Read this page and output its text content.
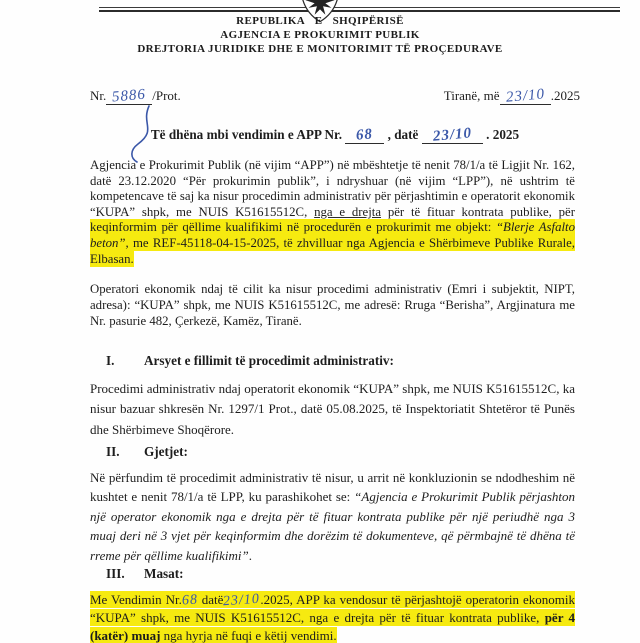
REPUBLIKA E SHQIPËRISË
AGJENCIA E PROKURIMIT PUBLIK
DREJTORIA JURIDIKE DHE E MONITORIMIT TË PROÇEDURAVE
Nr. 5886 /Prot.	Tiranë, më 23/10 .2025
Të dhëna mbi vendimin e APP Nr. 68 , datë 23/10 . 2025

Agjencia e Prokurimit Publik (në vijim “APP”) në mbështetje të nenit 78/1/a të Ligjit Nr. 162, datë 23.12.2020 “Për prokurimin publik”, i ndryshuar (në vijim “LPP”), në ushtrim të kompetencave të saj ka nisur procedimin administrativ për përjashtimin e operatorit ekonomik “KUPA” shpk, me NUIS K51615512C, nga e drejta për të fituar kontrata publike, për keqinformim për qëllime kualifikimi në procedurën e prokurimit me objekt: “Blerje Asfalto beton”, me REF-45118-04-15-2025, të zhvilluar nga Agjencia e Shërbimeve Publike Rurale, Elbasan.

Operatori ekonomik ndaj të cilit ka nisur procedimi administrativ (Emri i subjektit, NIPT, adresa): “KUPA” shpk, me NUIS K51615512C, me adresë: Rruga “Berisha”, Argjinatura me Nr. pasurie 482, Çerkezë, Kamëz, Tiranë.

I.	Arsyet e fillimit të procedimit administrativ:

Procedimi administrativ ndaj operatorit ekonomik “KUPA” shpk, me NUIS K51615512C, ka nisur bazuar shkresën Nr. 1297/1 Prot., datë 05.08.2025, të Inspektoriatit Shtetëror të Punës dhe Shërbimeve Shoqërore.

II.	Gjetjet:

Në përfundim të procedimit administrativ të nisur, u arrit në konkluzionin se ndodheshim në kushtet e nenit 78/1/a të LPP, ku parashikohet se: “Agjencia e Prokurimit Publik përjashton një operator ekonomik nga e drejta për të fituar kontrata publike për një periudhë nga 3 muaj deri në 3 vjet për keqinformim dhe dorëzim të dokumenteve, që përmbajnë të dhëna të rreme për qëllime kualifikimi”.

III.	Masat:

Me Vendimin Nr.68 datë23/10.2025, APP ka vendosur të përjashtojë operatorin ekonomik “KUPA” shpk, me NUIS K51615512C, nga e drejta për të fituar kontrata publike, për 4 (katër) muaj nga hyrja në fuqi e këtij vendimi.
